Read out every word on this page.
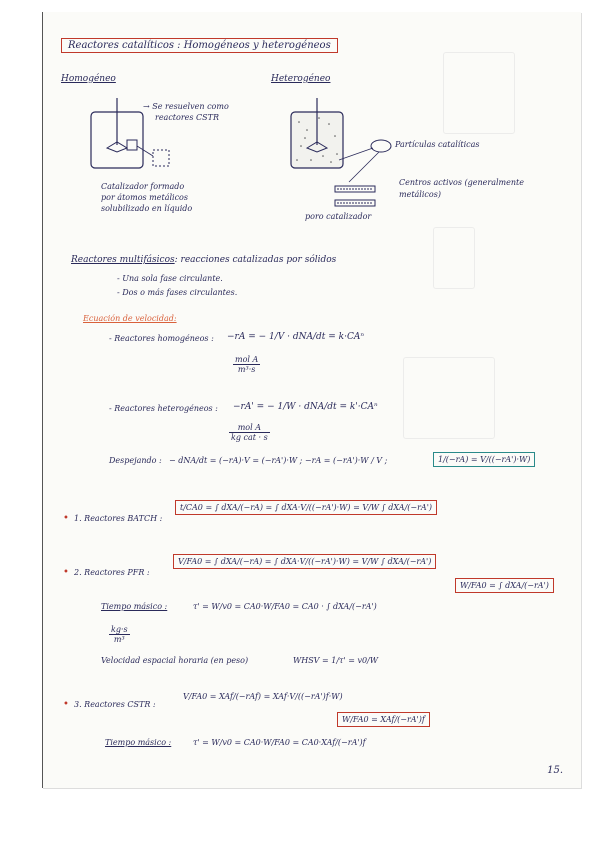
Reactores catalíticos : Homogéneos y heterogéneos
Homogéneo
→ Se resuelven como
reactores CSTR
Catalizador formado
por átomos metálicos
solubilizado en líquido
Heterogéneo
Partículas catalíticas
Centros activos (generalmente
metálicos)
poro catalizador
Reactores multifásicos: reacciones catalizadas por sólidos
- Una sola fase circulante.
- Dos o más fases circulantes.
Ecuación de velocidad:
- Reactores homogéneos : −rA = − 1/V · dNA/dt = k·CAⁿ
$\frac{\text{mol A}}{\text{m³·s}}$
- Reactores heterogéneos : −rA' = − 1/W · dNA/dt = k'·CAⁿ
$\frac{\text{mol A}}{\text{kg cat · s}}$
Despejando : − dNA/dt = (−rA)·V = (−rA')·W ; −rA = (−rA')·W / V ;	1/(−rA) = V/((−rA')·W)
• 1. Reactores BATCH :
t/CA0 = ∫ dXA/(−rA) = ∫ dXA·V/((−rA')·W) = V/W ∫ dXA/(−rA')
• 2. Reactores PFR :
V/FA0 = ∫ dXA/(−rA) = ∫ dXA·V/((−rA')·W) = V/W ∫ dXA/(−rA')
W/FA0 = ∫ dXA/(−rA')
Tiempo másico :	τ' = W/v0 = CA0·W/FA0 = CA0 · ∫ dXA/(−rA')
$\frac{kg\cdot s}{\text{m³}}$
Velocidad espacial horaria (en peso)	WHSV = 1/τ' = v0/W
• 3. Reactores CSTR :
V/FA0 = XAf/(−rAf) = XAf·V/((−rA')f·W)
W/FA0 = XAf/(−rA')f
Tiempo másico :	τ' = W/v0 = CA0·W/FA0 = CA0·XAf/(−rA')f
15.
